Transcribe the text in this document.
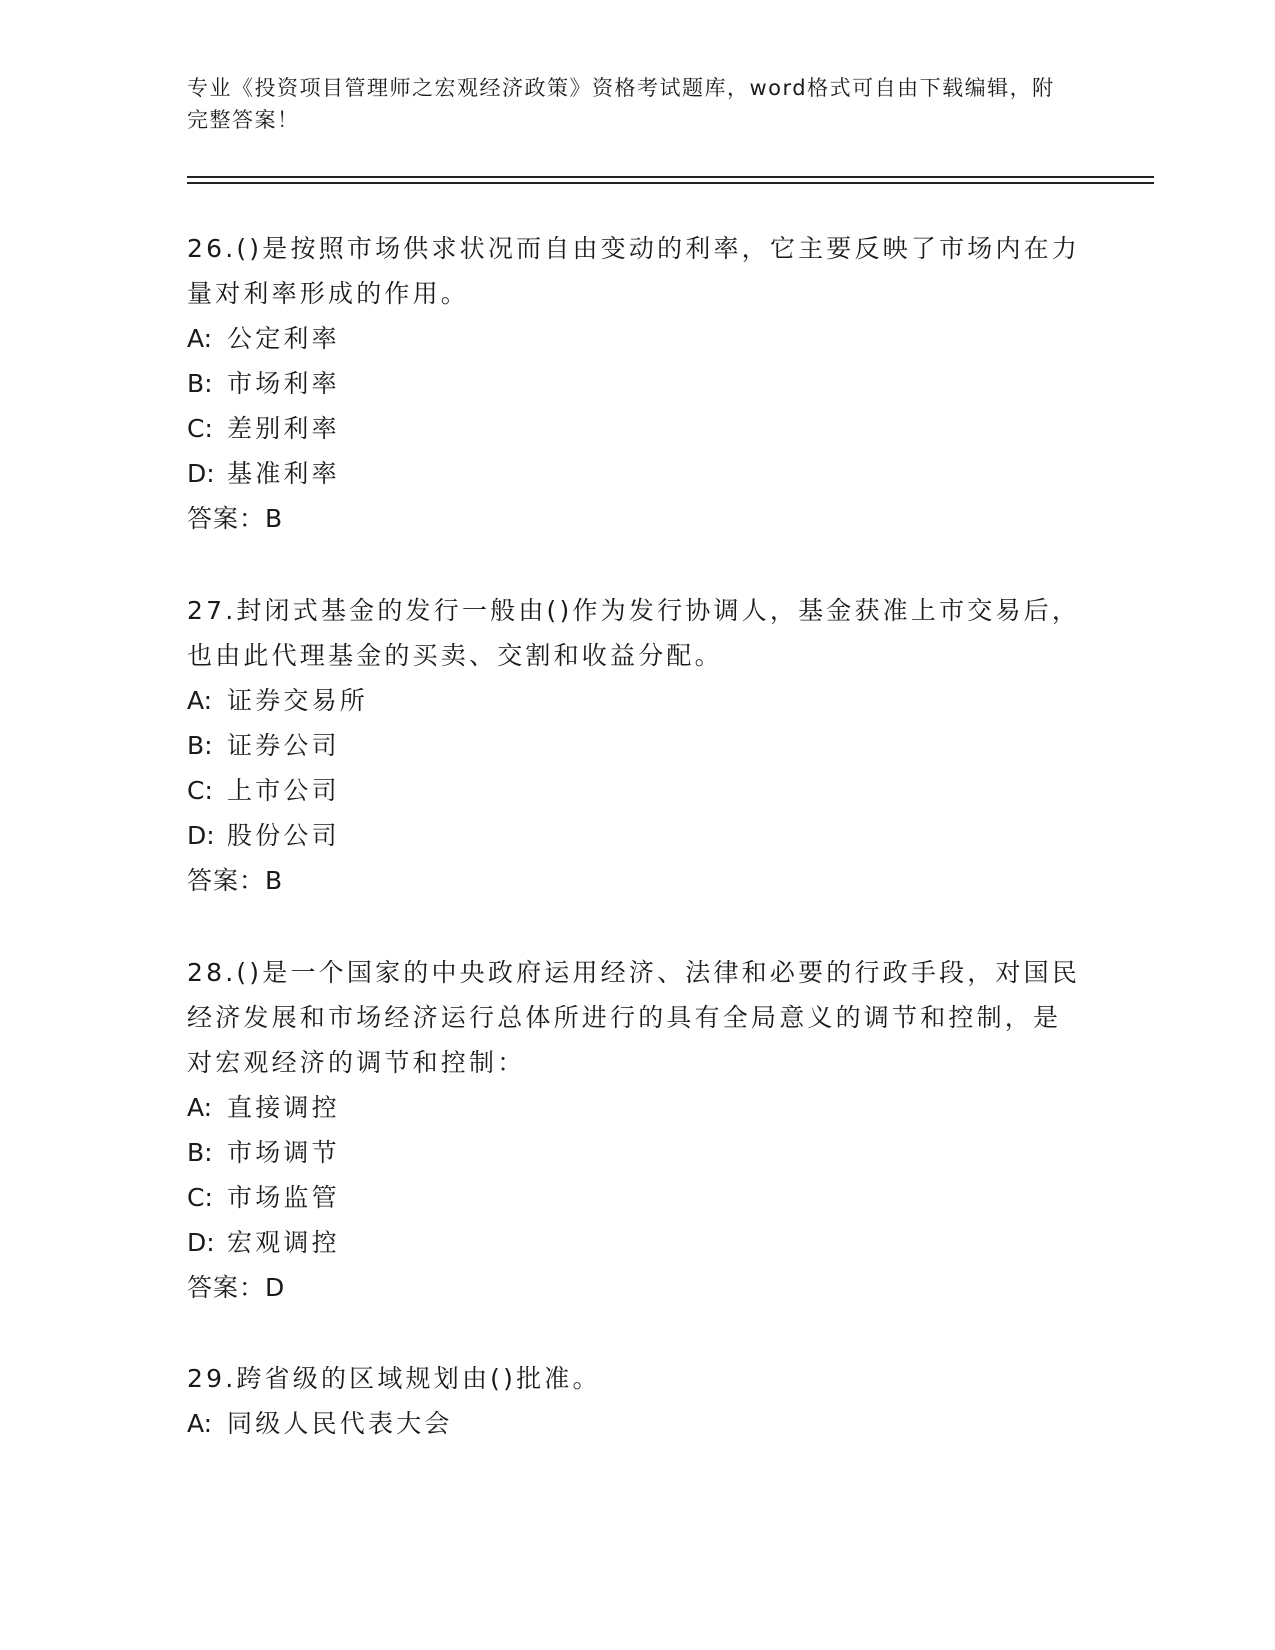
专业《投资项目管理师之宏观经济政策》资格考试题库，word格式可自由下载编辑，附完整答案！
26.()是按照市场供求状况而自由变动的利率，它主要反映了市场内在力量对利率形成的作用。
A: 公定利率
B: 市场利率
C: 差别利率
D: 基准利率
答案：B
27.封闭式基金的发行一般由()作为发行协调人，基金获准上市交易后，也由此代理基金的买卖、交割和收益分配。
A: 证券交易所
B: 证券公司
C: 上市公司
D: 股份公司
答案：B
28.()是一个国家的中央政府运用经济、法律和必要的行政手段，对国民经济发展和市场经济运行总体所进行的具有全局意义的调节和控制，是对宏观经济的调节和控制：
A: 直接调控
B: 市场调节
C: 市场监管
D: 宏观调控
答案：D
29.跨省级的区域规划由()批准。
A: 同级人民代表大会
